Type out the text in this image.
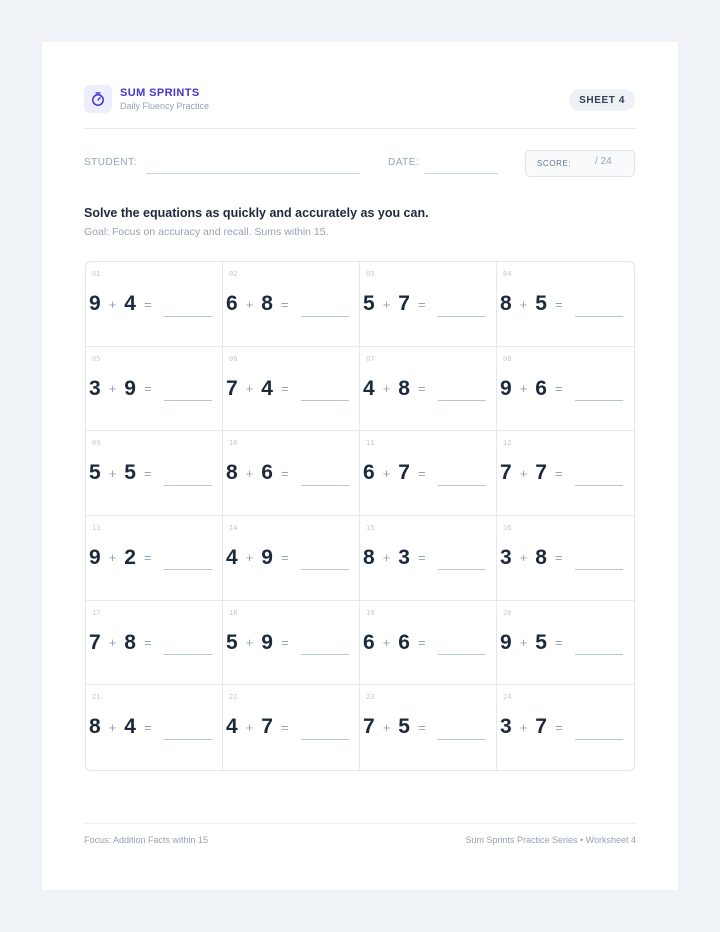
SUM SPRINTS
Daily Fluency Practice
SHEET 4
STUDENT:	DATE:	SCORE: / 24
Solve the equations as quickly and accurately as you can.
Goal: Focus on accuracy and recall. Sums within 15.
01
9 + 4 =
02
6 + 8 =
03
5 + 7 =
04
8 + 5 =
05
3 + 9 =
06
7 + 4 =
07
4 + 8 =
08
9 + 6 =
09
5 + 5 =
10
8 + 6 =
11
6 + 7 =
12
7 + 7 =
13
9 + 2 =
14
4 + 9 =
15
8 + 3 =
16
3 + 8 =
17
7 + 8 =
18
5 + 9 =
19
6 + 6 =
20
9 + 5 =
21
8 + 4 =
22
4 + 7 =
23
7 + 5 =
24
3 + 7 =
Focus: Addition Facts within 15	Sum Sprints Practice Series • Worksheet 4
